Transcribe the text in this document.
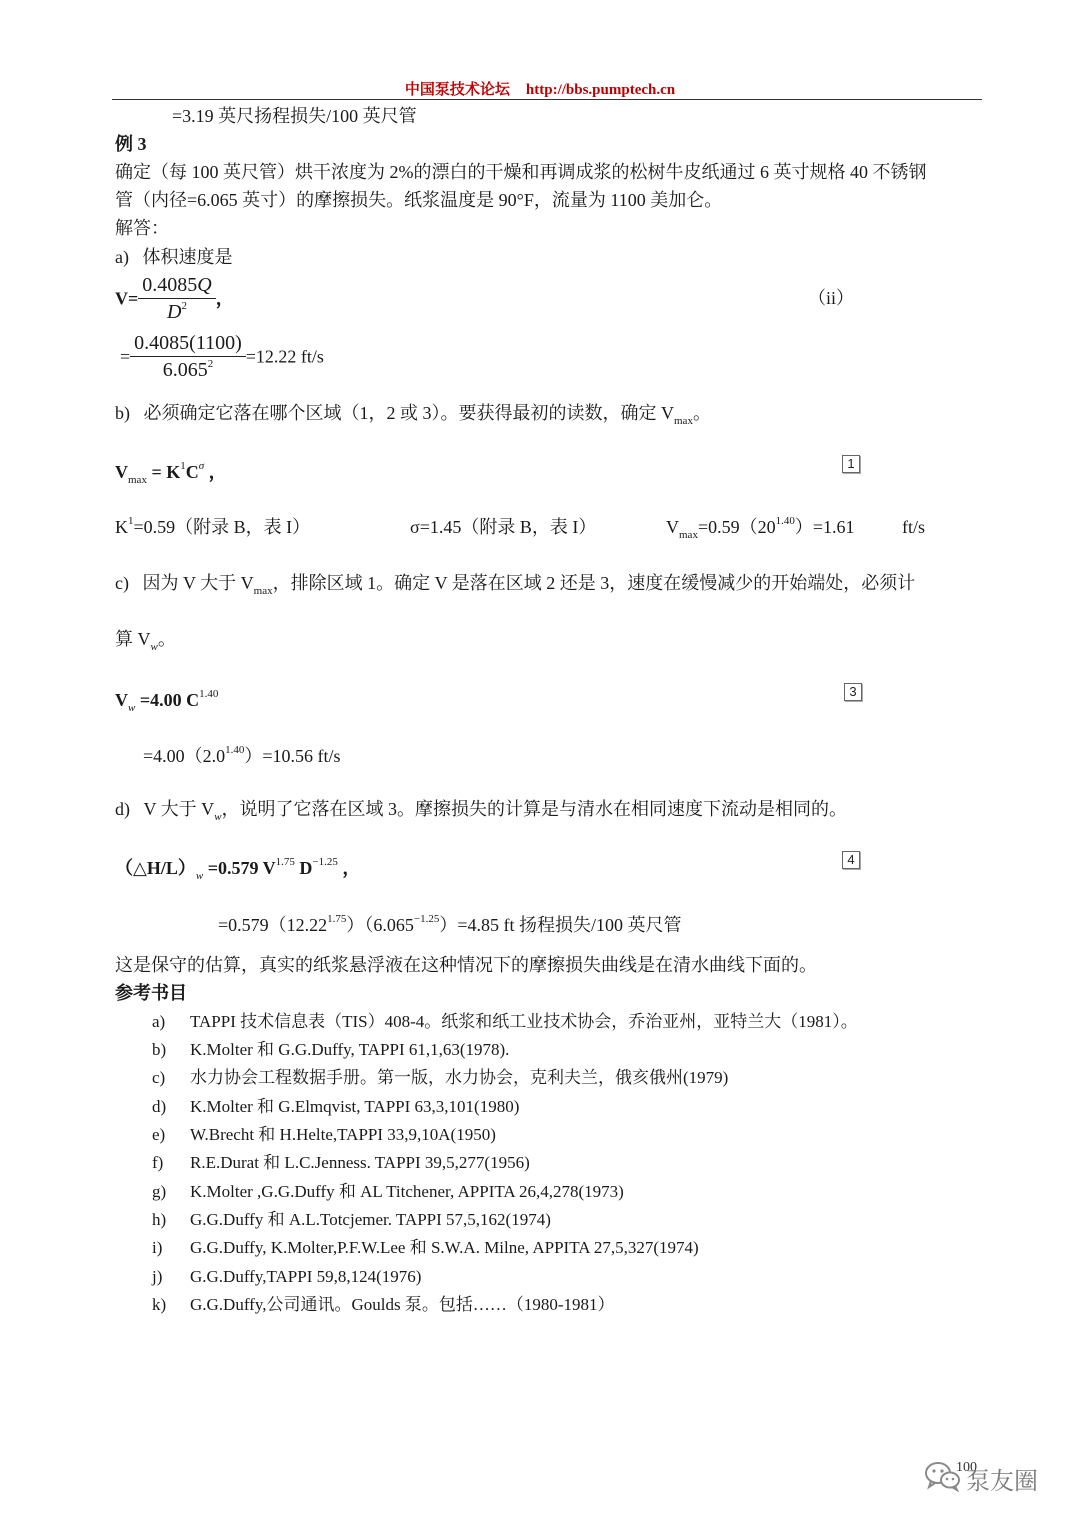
中国泵技术论坛 http://bbs.pumptech.cn
=3.19 英尺扬程损失/100 英尺管
例 3
确定（每 100 英尺管）烘干浓度为 2%的漂白的干燥和再调成浆的松树牛皮纸通过 6 英寸规格 40 不锈钢
管（内径=6.065 英寸）的摩擦损失。纸浆温度是 90°F，流量为 1100 美加仑。
解答：
a) 体积速度是
$V= \frac{0.4085Q}{D^2}$ ，	（ii）
= $\frac{0.4085(1100)}{6.065^2} =12.22$ ft/s
b) 必须确定它落在哪个区域（1，2 或 3）。要获得最初的读数，确定 $V_{max}$。
$V_{max} = K^1C^\sigma$ ，	1
$K^1=0.59$（附录 B，表 I）	σ=1.45（附录 B，表 I）	$V_{max}=0.59(20^{1.40})=1.61$	ft/s
c) 因为 V 大于 $V_{max}$，排除区域 1。确定 V 是落在区域 2 还是 3，速度在缓慢减少的开始端处，必须计
算 $V_w$。
$V_w =4.00$ $C^{1.40}$	3
$=4.00(2.0^{1.40})=10.56$ ft/s
d) V 大于 $V_w$，说明了它落在区域 3。摩擦损失的计算是与清水在相同速度下流动是相同的。
$(\triangle H/L)_w =0.579$ $V^{1.75}$ $D^{-1.25}$ ，	4
$=0.579(12.22^{1.75})(6.065^{-1.25})=4.85$ ft 扬程损失/100 英尺管
这是保守的估算，真实的纸浆悬浮液在这种情况下的摩擦损失曲线是在清水曲线下面的。
参考书目
a) TAPPI 技术信息表（TIS）408-4。纸浆和纸工业技术协会，乔治亚州，亚特兰大（1981）。
b) K.Molter 和 G.G.Duffy, TAPPI 61,1,63(1978).
c) 水力协会工程数据手册。第一版，水力协会，克利夫兰，俄亥俄州(1979)
d) K.Molter 和 G.Elmqvist, TAPPI 63,3,101(1980)
e) W.Brecht 和 H.Helte,TAPPI 33,9,10A(1950)
f) R.E.Durat 和 L.C.Jenness. TAPPI 39,5,277(1956)
g) K.Molter ,G.G.Duffy 和 AL Titchener, APPITA 26,4,278(1973)
h) G.G.Duffy 和 A.L.Totcjemer. TAPPI 57,5,162(1974)
i) G.G.Duffy, K.Molter,P.F.W.Lee 和 S.W.A. Milne, APPITA 27,5,327(1974)
j) G.G.Duffy,TAPPI 59,8,124(1976)
k) G.G.Duffy,公司通讯。Goulds 泵。包括……（1980-1981）
100
泵友圈
